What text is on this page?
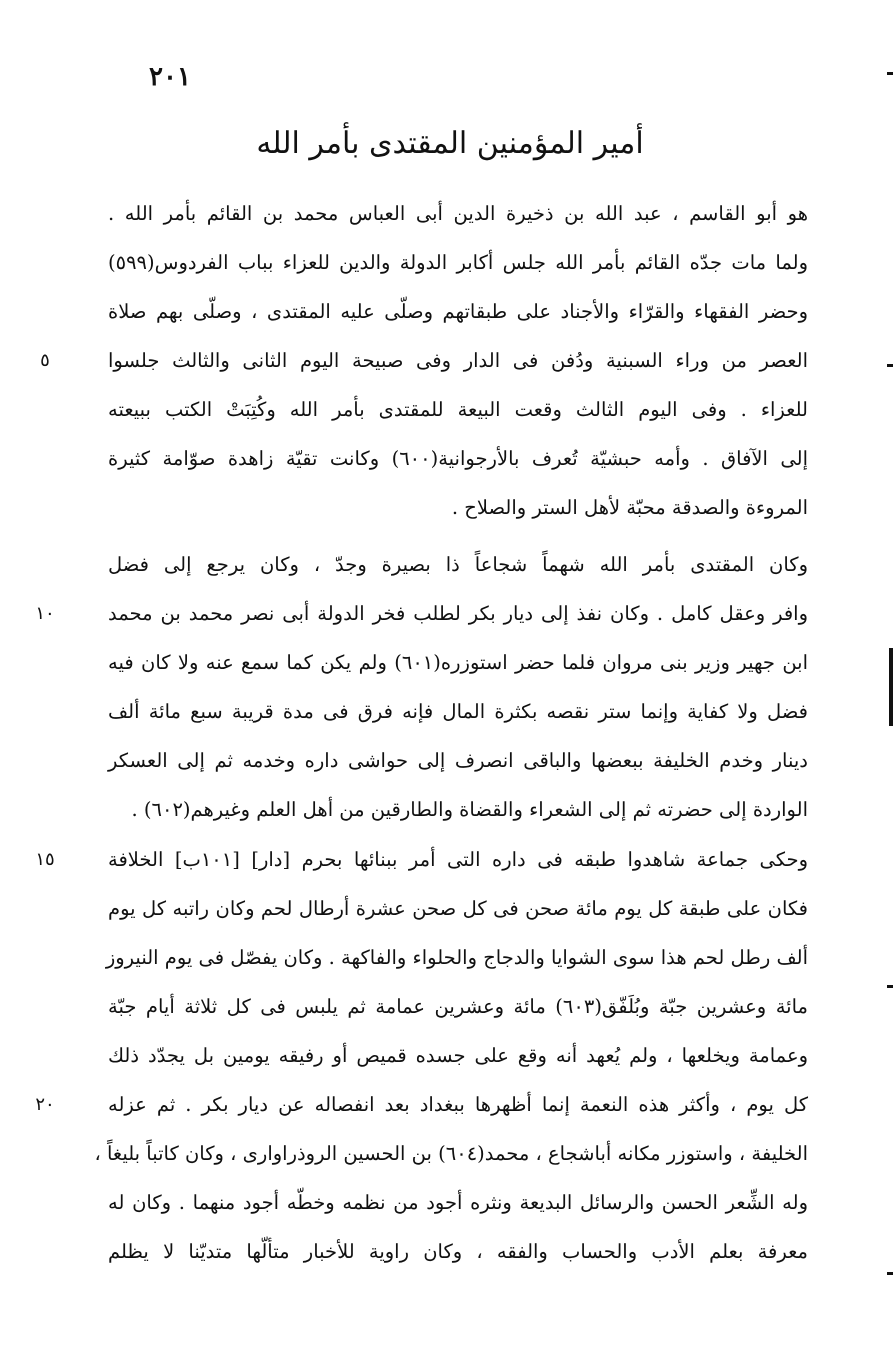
٢٠١
أمير المؤمنين المقتدى بأمر الله
هو أبو القاسم ، عبد الله بن ذخيرة الدين أبى العباس محمد بن القائم بأمر الله .
ولما مات جدّه القائم بأمر الله جلس أكابر الدولة والدين للعزاء بباب الفردوس(٥٩٩)
وحضر الفقهاء والقرّاء والأجناد على طبقاتهم وصلّى عليه المقتدى ، وصلّى بهم صلاة
العصر من وراء السبنية ودُفن فى الدار وفى صبيحة اليوم الثانى والثالث جلسوا
للعزاء . وفى اليوم الثالث وقعت البيعة للمقتدى بأمر الله وكُتِبَتْ الكتب ببيعته
إلى الآفاق . وأمه حبشيّة تُعرف بالأرجوانية(٦٠٠) وكانت تقيّة زاهدة صوّامة كثيرة
المروءة والصدقة محبّة لأهل الستر والصلاح .
وكان المقتدى بأمر الله شهماً شجاعاً ذا بصيرة وجدّ ، وكان يرجع إلى فضل
وافر وعقل كامل . وكان نفذ إلى ديار بكر لطلب فخر الدولة أبى نصر محمد بن محمد
ابن جهير وزير بنى مروان فلما حضر استوزره(٦٠١) ولم يكن كما سمع عنه ولا كان فيه
فضل ولا كفاية وإنما ستر نقصه بكثرة المال فإنه فرق فى مدة قريبة سبع مائة ألف
دينار وخدم الخليفة ببعضها والباقى انصرف إلى حواشى داره وخدمه ثم إلى العسكر
الواردة إلى حضرته ثم إلى الشعراء والقضاة والطارقين من أهل العلم وغيرهم(٦٠٢) .
وحكى جماعة شاهدوا طبقه فى داره التى أمر ببنائها بحرم [دار] [١٠١ب] الخلافة
فكان على طبقة كل يوم مائة صحن فى كل صحن عشرة أرطال لحم وكان راتبه كل يوم
ألف رطل لحم هذا سوى الشوايا والدجاج والحلواء والفاكهة . وكان يفصّل فى يوم النيروز
مائة وعشرين جبّة وبُلَفّق(٦٠٣) مائة وعشرين عمامة ثم يلبس فى كل ثلاثة أيام جبّة
وعمامة ويخلعها ، ولم يُعهد أنه وقع على جسده قميص أو رفيقه يومين بل يجدّد ذلك
كل يوم ، وأكثر هذه النعمة إنما أظهرها ببغداد بعد انفصاله عن ديار بكر . ثم عزله
الخليفة ، واستوزر مكانه أباشجاع ، محمد(٦٠٤) بن الحسين الروذراوارى ، وكان كاتباً بليغاً ،
وله الشِّعر الحسن والرسائل البديعة ونثره أجود من نظمه وخطّه أجود منهما . وكان له
معرفة بعلم الأدب والحساب والفقه ، وكان راوية للأخبار متألّها متديّنا لا يظلم
٥
١٠
١٥
٢٠
